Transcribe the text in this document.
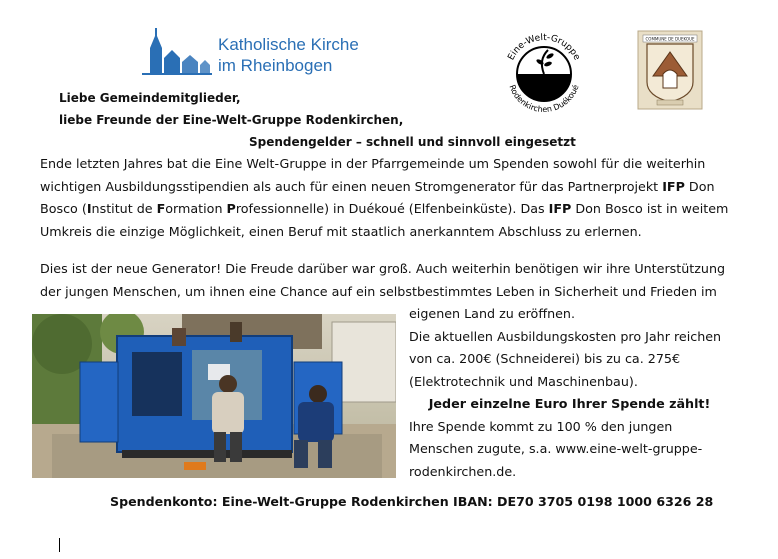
Katholische Kirche
im Rheinbogen	Eine-Welt-Gruppe
Rodenkirchen Duékoué
COMMUNE DE DUEKOUE
Liebe Gemeindemitglieder,
liebe Freunde der Eine-Welt-Gruppe Rodenkirchen,
Spendengelder – schnell und sinnvoll eingesetzt
Ende letzten Jahres bat die Eine Welt-Gruppe in der Pfarrgemeinde um Spenden sowohl für die weiterhin
wichtigen Ausbildungsstipendien als auch für einen neuen Stromgenerator für das Partnerprojekt IFP Don
Bosco (Institut de Formation Professionnelle) in Duékoué (Elfenbeinküste). Das IFP Don Bosco ist in weitem
Umkreis die einzige Möglichkeit, einen Beruf mit staatlich anerkanntem Abschluss zu erlernen.
Dies ist der neue Generator! Die Freude darüber war groß. Auch weiterhin benötigen wir ihre Unterstützung
der jungen Menschen, um ihnen eine Chance auf ein selbstbestimmtes Leben in Sicherheit und Frieden im
eigenen Land zu eröffnen.
Die aktuellen Ausbildungskosten pro Jahr reichen
von ca. 200€ (Schneiderei) bis zu ca. 275€
(Elektrotechnik und Maschinenbau).
Jeder einzelne Euro Ihrer Spende zählt!
Ihre Spende kommt zu 100 % den jungen
Menschen zugute, s.a. www.eine-welt-gruppe-
rodenkirchen.de.
Spendenkonto: Eine-Welt-Gruppe Rodenkirchen IBAN: DE70 3705 0198 1000 6326 28
